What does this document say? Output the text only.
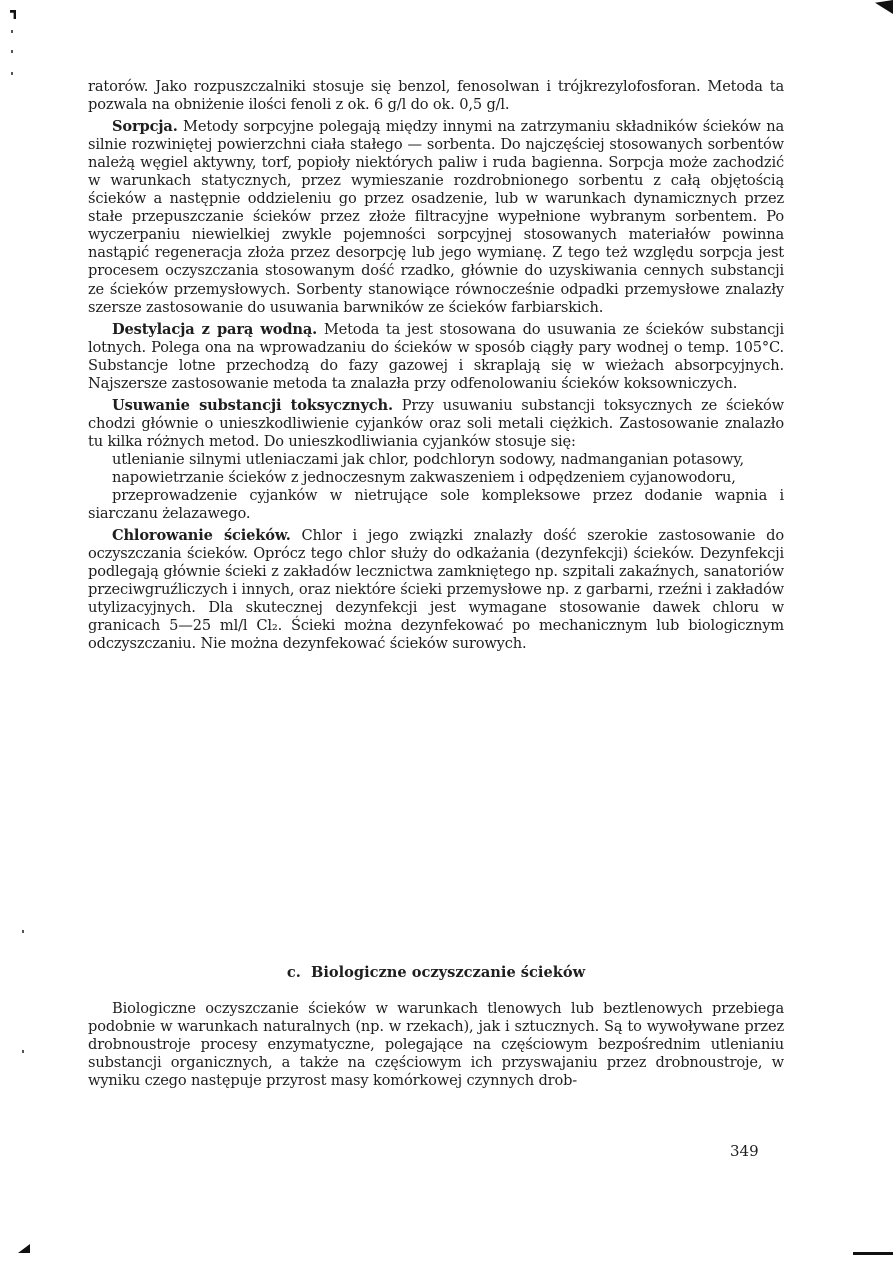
ratorów. Jako rozpuszczalniki stosuje się benzol, fenosolwan i trójkrezylofosforan. Metoda ta pozwala na obniżenie ilości fenoli z ok. 6 g/l do ok. 0,5 g/l.

Sorpcja. Metody sorpcyjne polegają między innymi na zatrzymaniu składników ścieków na silnie rozwiniętej powierzchni ciała stałego — sorbenta. Do najczęściej stosowanych sorbentów należą węgiel aktywny, torf, popioły niektórych paliw i ruda bagienna. Sorpcja może zachodzić w warunkach statycznych, przez wymieszanie rozdrobnionego sorbentu z całą objętością ścieków a następnie oddzieleniu go przez osadzenie, lub w warunkach dynamicznych przez stałe przepuszczanie ścieków przez złoże filtracyjne wypełnione wybranym sorbentem. Po wyczerpaniu niewielkiej zwykle pojemności sorpcyjnej stosowanych materiałów powinna nastąpić regeneracja złoża przez desorpcję lub jego wymianę. Z tego też względu sorpcja jest procesem oczyszczania stosowanym dość rzadko, głównie do uzyskiwania cennych substancji ze ścieków przemysłowych. Sorbenty stanowiące równocześnie odpadki przemysłowe znalazły szersze zastosowanie do usuwania barwników ze ścieków farbiarskich.

Destylacja z parą wodną. Metoda ta jest stosowana do usuwania ze ścieków substancji lotnych. Polega ona na wprowadzaniu do ścieków w sposób ciągły pary wodnej o temp. 105°C. Substancje lotne przechodzą do fazy gazowej i skraplają się w wieżach absorpcyjnych. Najszersze zastosowanie metoda ta znalazła przy odfenolowaniu ścieków koksowniczych.

Usuwanie substancji toksycznych. Przy usuwaniu substancji toksycznych ze ścieków chodzi głównie o unieszkodliwienie cyjanków oraz soli metali ciężkich. Zastosowanie znalazło tu kilka różnych metod. Do unieszkodliwiania cyjanków stosuje się:

utlenianie silnymi utleniaczami jak chlor, podchloryn sodowy, nadmanganian potasowy,

napowietrzanie ścieków z jednoczesnym zakwaszeniem i odpędzeniem cyjanowodoru,

przeprowadzenie cyjanków w nietrujące sole kompleksowe przez dodanie wapnia i siarczanu żelazawego.

Chlorowanie ścieków. Chlor i jego związki znalazły dość szerokie zastosowanie do oczyszczania ścieków. Oprócz tego chlor służy do odkażania (dezynfekcji) ścieków. Dezynfekcji podlegają głównie ścieki z zakładów lecznictwa zamkniętego np. szpitali zakaźnych, sanatoriów przeciwgruźliczych i innych, oraz niektóre ścieki przemysłowe np. z garbarni, rzeźni i zakładów utylizacyjnych. Dla skutecznej dezynfekcji jest wymagane stosowanie dawek chloru w granicach 5—25 ml/l Cl₂. Ścieki można dezynfekować po mechanicznym lub biologicznym odczyszczaniu. Nie można dezynfekować ścieków surowych.

c. Biologiczne oczyszczanie ścieków

Biologiczne oczyszczanie ścieków w warunkach tlenowych lub beztlenowych przebiega podobnie w warunkach naturalnych (np. w rzekach), jak i sztucznych. Są to wywoływane przez drobnoustroje procesy enzymatyczne, polegające na częściowym bezpośrednim utlenianiu substancji organicznych, a także na częściowym ich przyswajaniu przez drobnoustroje, w wyniku czego następuje przyrost masy komórkowej czynnych drob-

349
